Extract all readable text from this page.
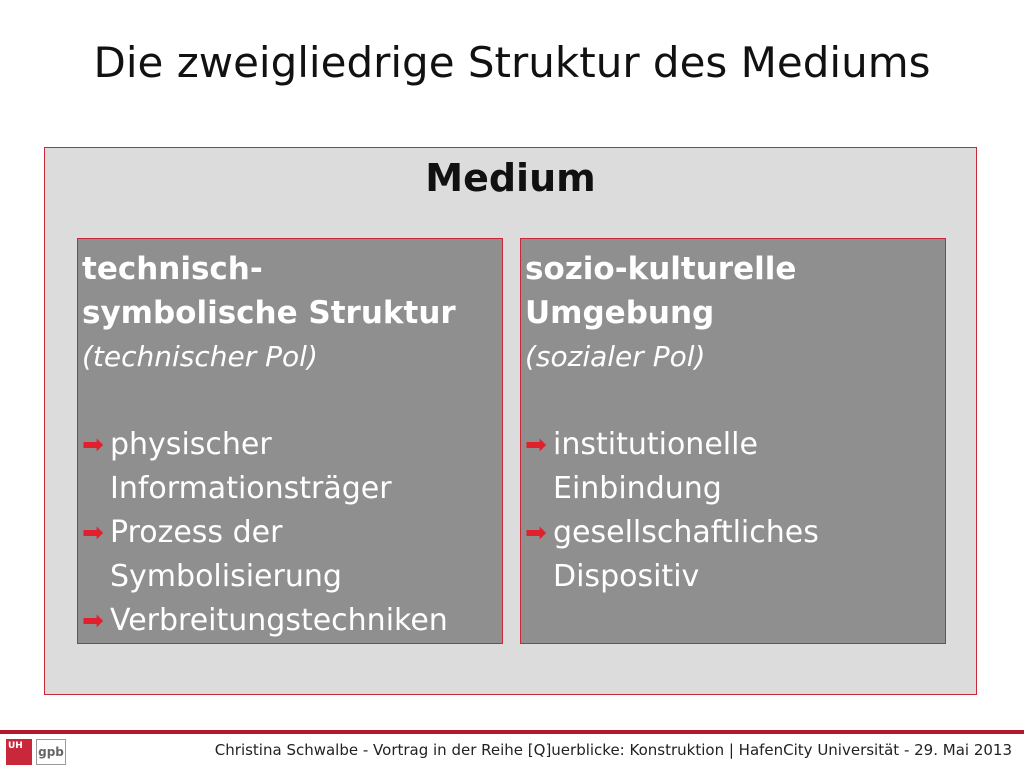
Die zweigliedrige Struktur des Mediums
Medium

technisch-

symbolische Struktur

(technischer Pol)

➡ physischer
Informationsträger
➡ Prozess der
Symbolisierung
➡ Verbreitungstechniken

sozio-kulturelle

Umgebung

(sozialer Pol)

➡ institutionelle
Einbindung
➡ gesellschaftliches
Dispositiv
UH	gpb	Christina Schwalbe - Vortrag in der Reihe [Q]uerblicke: Konstruktion | HafenCity Universität - 29. Mai 2013
